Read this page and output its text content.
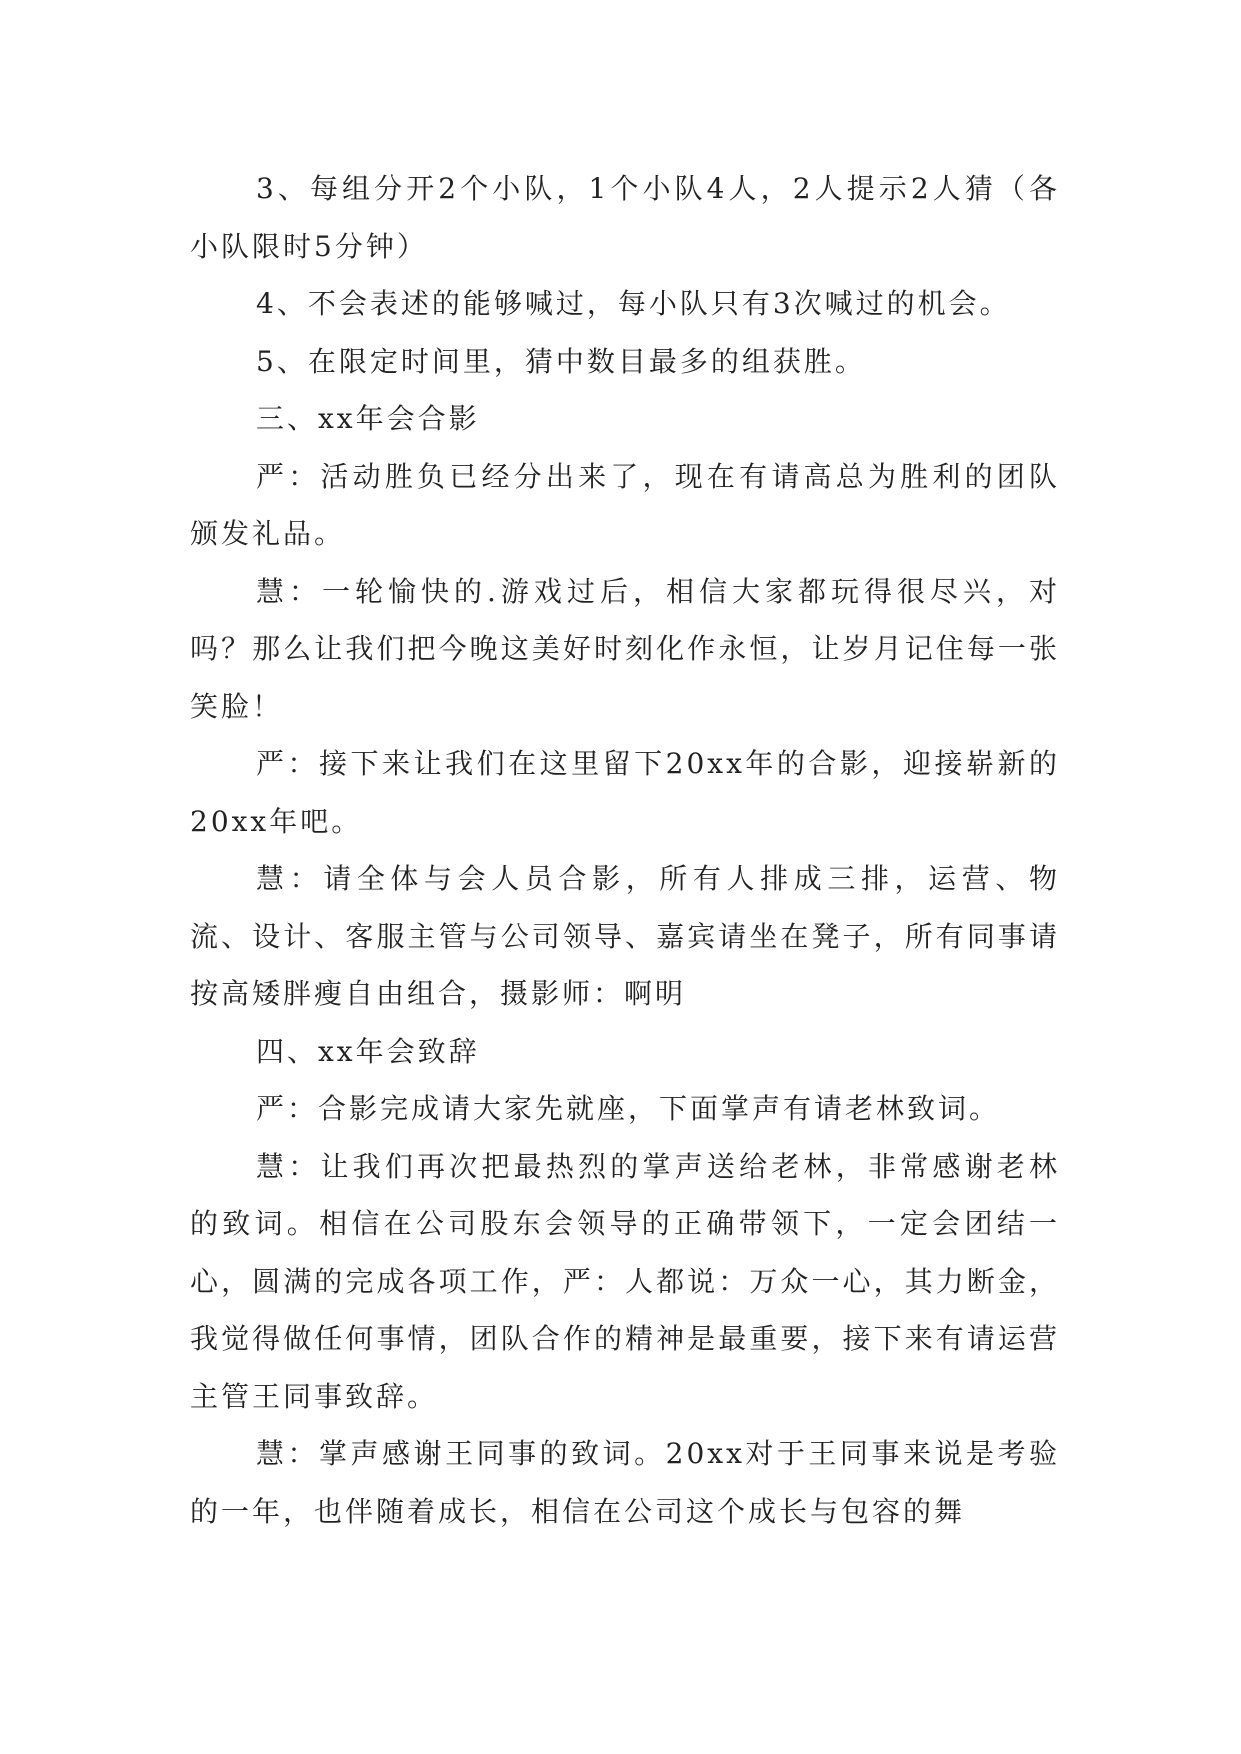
3、每组分开2个小队，1个小队4人，2人提示2人猜（各小队限时5分钟）

4、不会表述的能够喊过，每小队只有3次喊过的机会。

5、在限定时间里，猜中数目最多的组获胜。

三、xx年会合影

严：活动胜负已经分出来了，现在有请高总为胜利的团队颁发礼品。

慧：一轮愉快的.游戏过后，相信大家都玩得很尽兴，对吗？那么让我们把今晚这美好时刻化作永恒，让岁月记住每一张笑脸！

严：接下来让我们在这里留下20xx年的合影，迎接崭新的20xx年吧。

慧：请全体与会人员合影，所有人排成三排，运营、物流、设计、客服主管与公司领导、嘉宾请坐在凳子，所有同事请按高矮胖瘦自由组合，摄影师：啊明

四、xx年会致辞

严：合影完成请大家先就座，下面掌声有请老林致词。

慧：让我们再次把最热烈的掌声送给老林，非常感谢老林的致词。相信在公司股东会领导的正确带领下，一定会团结一心，圆满的完成各项工作，严：人都说：万众一心，其力断金，我觉得做任何事情，团队合作的精神是最重要，接下来有请运营主管王同事致辞。

慧：掌声感谢王同事的致词。20xx对于王同事来说是考验的一年，也伴随着成长，相信在公司这个成长与包容的舞
